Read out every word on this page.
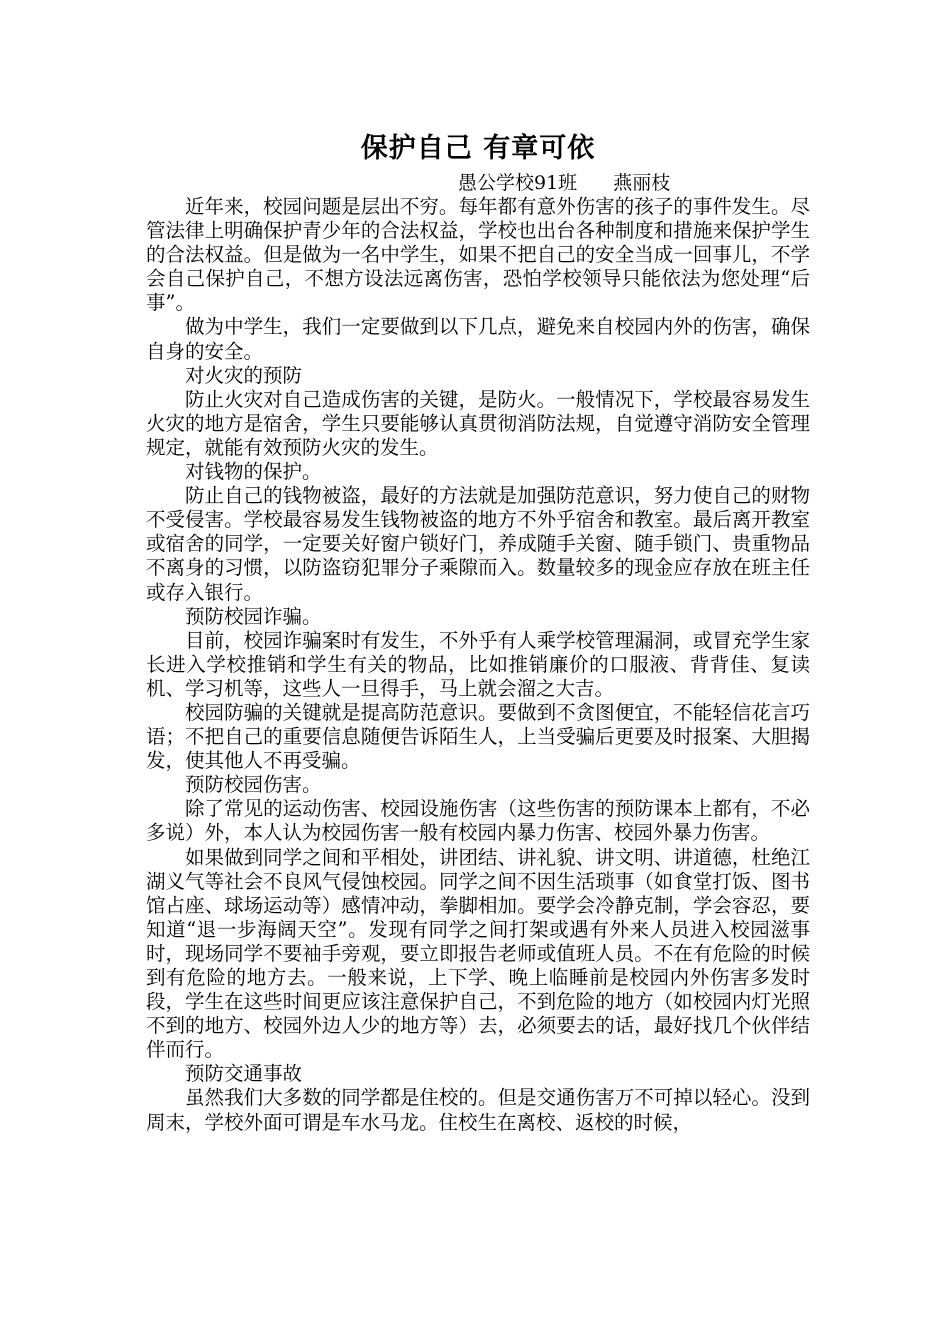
保护自己 有章可依
愚公学校91班 燕丽枝

近年来，校园问题是层出不穷。每年都有意外伤害的孩子的事件发生。尽管法律上明确保护青少年的合法权益，学校也出台各种制度和措施来保护学生的合法权益。但是做为一名中学生，如果不把自己的安全当成一回事儿，不学会自己保护自己，不想方设法远离伤害，恐怕学校领导只能依法为您处理“后事”。

做为中学生，我们一定要做到以下几点，避免来自校园内外的伤害，确保自身的安全。

对火灾的预防

防止火灾对自己造成伤害的关键，是防火。一般情况下，学校最容易发生火灾的地方是宿舍，学生只要能够认真贯彻消防法规，自觉遵守消防安全管理规定，就能有效预防火灾的发生。

对钱物的保护。

防止自己的钱物被盗，最好的方法就是加强防范意识，努力使自己的财物不受侵害。学校最容易发生钱物被盗的地方不外乎宿舍和教室。最后离开教室或宿舍的同学，一定要关好窗户锁好门，养成随手关窗、随手锁门、贵重物品不离身的习惯，以防盗窃犯罪分子乘隙而入。数量较多的现金应存放在班主任或存入银行。

预防校园诈骗。

目前，校园诈骗案时有发生，不外乎有人乘学校管理漏洞，或冒充学生家长进入学校推销和学生有关的物品，比如推销廉价的口服液、背背佳、复读机、学习机等，这些人一旦得手，马上就会溜之大吉。

校园防骗的关键就是提高防范意识。要做到不贪图便宜，不能轻信花言巧语；不把自己的重要信息随便告诉陌生人，上当受骗后更要及时报案、大胆揭发，使其他人不再受骗。

预防校园伤害。

除了常见的运动伤害、校园设施伤害（这些伤害的预防课本上都有，不必多说）外，本人认为校园伤害一般有校园内暴力伤害、校园外暴力伤害。

如果做到同学之间和平相处，讲团结、讲礼貌、讲文明、讲道德，杜绝江湖义气等社会不良风气侵蚀校园。同学之间不因生活琐事（如食堂打饭、图书馆占座、球场运动等）感情冲动，拳脚相加。要学会冷静克制，学会容忍，要知道“退一步海阔天空”。发现有同学之间打架或遇有外来人员进入校园滋事时，现场同学不要袖手旁观，要立即报告老师或值班人员。不在有危险的时候到有危险的地方去。一般来说，上下学、晚上临睡前是校园内外伤害多发时段，学生在这些时间更应该注意保护自己，不到危险的地方（如校园内灯光照不到的地方、校园外边人少的地方等）去，必须要去的话，最好找几个伙伴结伴而行。

预防交通事故

虽然我们大多数的同学都是住校的。但是交通伤害万不可掉以轻心。没到周末，学校外面可谓是车水马龙。住校生在离校、返校的时候，
